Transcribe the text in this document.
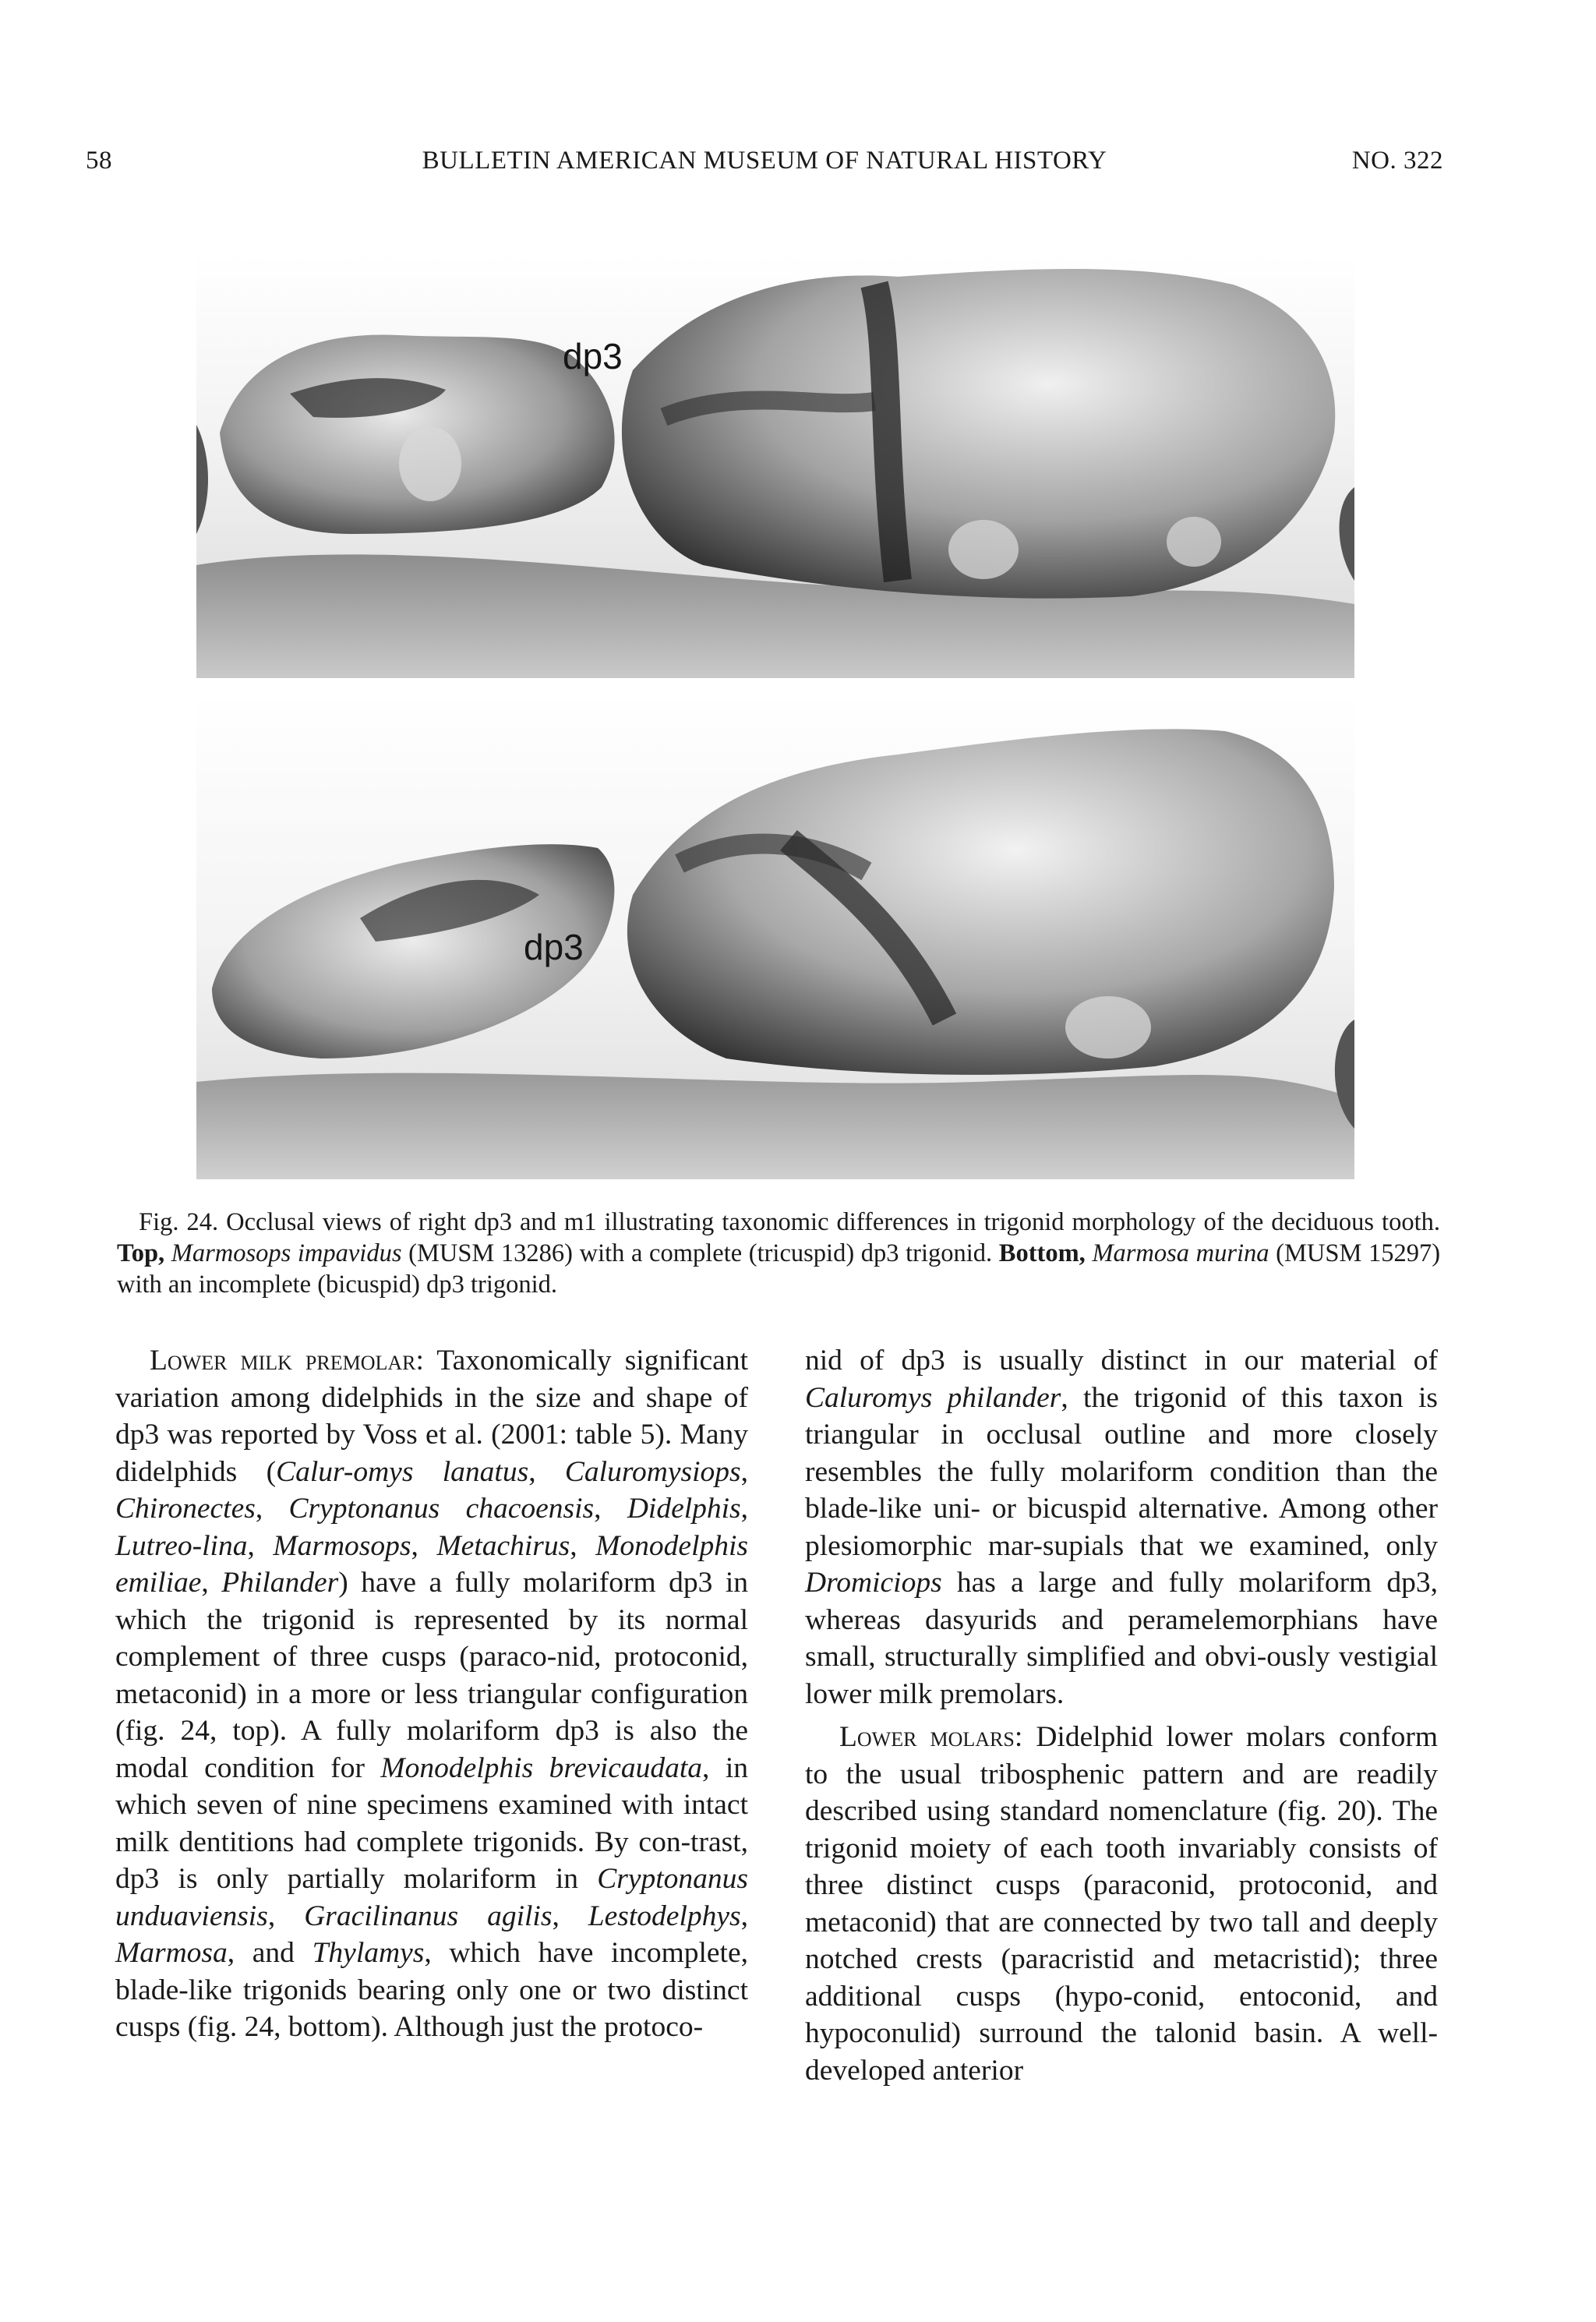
58	BULLETIN AMERICAN MUSEUM OF NATURAL HISTORY	NO. 322
dp3
dp3
Fig. 24. Occlusal views of right dp3 and m1 illustrating taxonomic differences in trigonid morphology of the deciduous tooth. Top, Marmosops impavidus (MUSM 13286) with a complete (tricuspid) dp3 trigonid. Bottom, Marmosa murina (MUSM 15297) with an incomplete (bicuspid) dp3 trigonid.

Lower milk premolar: Taxonomically significant variation among didelphids in the size and shape of dp3 was reported by Voss et al. (2001: table 5). Many didelphids (Calur-omys lanatus, Caluromysiops, Chironectes, Cryptonanus chacoensis, Didelphis, Lutreo-lina, Marmosops, Metachirus, Monodelphis emiliae, Philander) have a fully molariform dp3 in which the trigonid is represented by its normal complement of three cusps (paraco-nid, protoconid, metaconid) in a more or less triangular configuration (fig. 24, top). A fully molariform dp3 is also the modal condition for Monodelphis brevicaudata, in which seven of nine specimens examined with intact milk dentitions had complete trigonids. By con-trast, dp3 is only partially molariform in Cryptonanus unduaviensis, Gracilinanus agilis, Lestodelphys, Marmosa, and Thylamys, which have incomplete, blade-like trigonids bearing only one or two distinct cusps (fig. 24, bottom). Although just the protoco-

nid of dp3 is usually distinct in our material of Caluromys philander, the trigonid of this taxon is triangular in occlusal outline and more closely resembles the fully molariform condition than the blade-like uni- or bicuspid alternative. Among other plesiomorphic mar-supials that we examined, only Dromiciops has a large and fully molariform dp3, whereas dasyurids and peramelemorphians have small, structurally simplified and obvi-ously vestigial lower milk premolars.

Lower molars: Didelphid lower molars conform to the usual tribosphenic pattern and are readily described using standard nomenclature (fig. 20). The trigonid moiety of each tooth invariably consists of three distinct cusps (paraconid, protoconid, and metaconid) that are connected by two tall and deeply notched crests (paracristid and metacristid); three additional cusps (hypo-conid, entoconid, and hypoconulid) surround the talonid basin. A well-developed anterior
